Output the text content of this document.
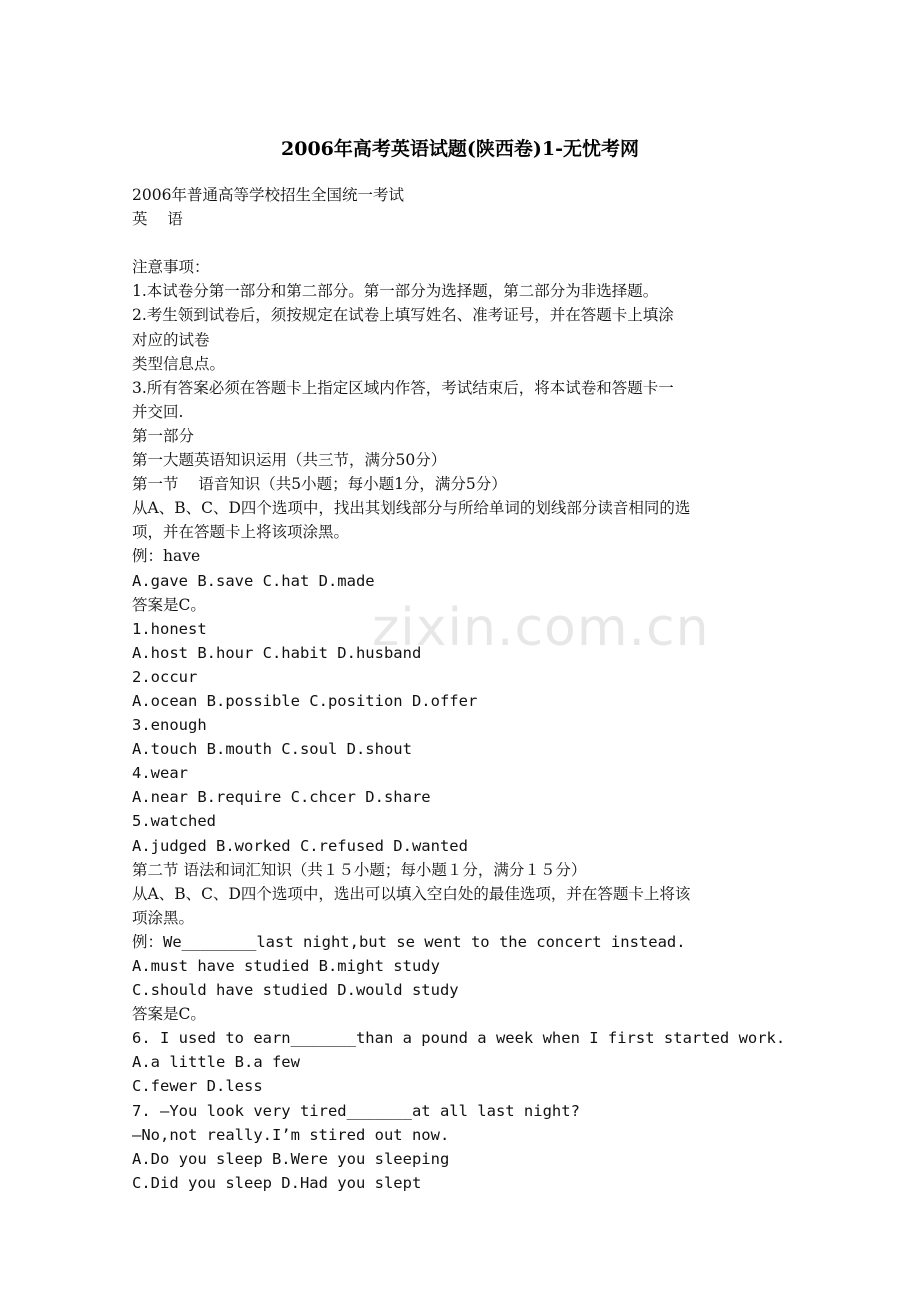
2006年高考英语试题(陕西卷)1-无忧考网
zixin.com.cn
2006年普通高等学校招生全国统一考试
英    语
注意事项：
1.本试卷分第一部分和第二部分。第一部分为选择题，第二部分为非选择题。
2.考生领到试卷后，须按规定在试卷上填写姓名、准考证号，并在答题卡上填涂
对应的试卷
类型信息点。
3.所有答案必须在答题卡上指定区域内作答，考试结束后，将本试卷和答题卡一
并交回.
第一部分
第一大题英语知识运用（共三节，满分50分）
第一节    语音知识（共5小题；每小题1分，满分5分）
从A、B、C、D四个选项中，找出其划线部分与所给单词的划线部分读音相同的选
项，并在答题卡上将该项涂黑。
例：have
A.gave B.save C.hat D.made
答案是C。
1.honest
A.host B.hour C.habit D.husband
2.occur
A.ocean B.possible C.position D.offer
3.enough
A.touch B.mouth C.soul D.shout
4.wear
A.near B.require C.chcer D.share
5.watched
A.judged B.worked C.refused D.wanted
第二节 语法和词汇知识（共１５小题；每小题１分，满分１５分）
从A、B、C、D四个选项中，选出可以填入空白处的最佳选项，并在答题卡上将该
项涂黑。
例：We________last night,but se went to the concert instead.
A.must have studied B.might study
C.should have studied D.would study
答案是C。
6. I used to earn_______than a pound a week when I first started work.
A.a little B.a few
C.fewer D.less
7. —You look very tired_______at all last night?
—No,not really.I’m stired out now.
A.Do you sleep B.Were you sleeping
C.Did you sleep D.Had you slept
